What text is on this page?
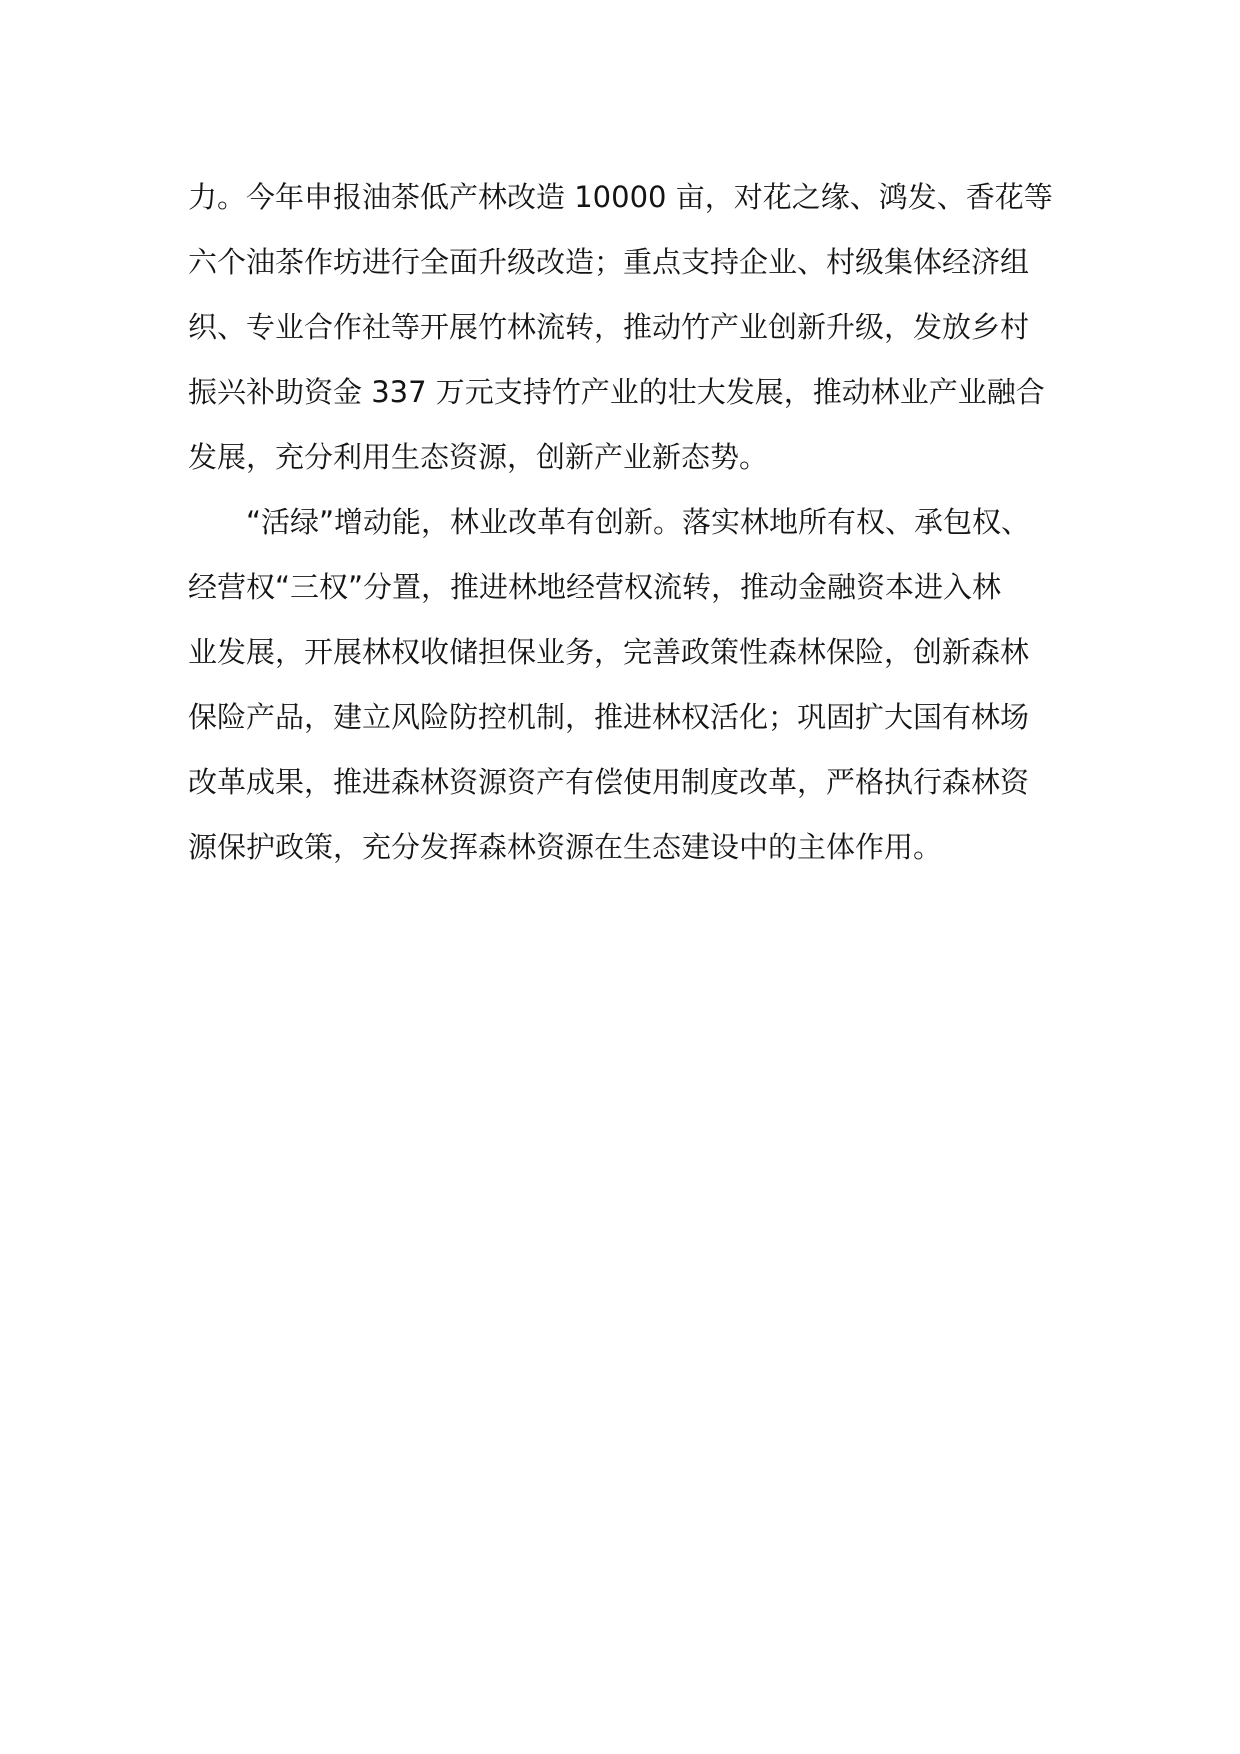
力。今年申报油茶低产林改造 10000 亩，对花之缘、鸿发、香花等
六个油茶作坊进行全面升级改造；重点支持企业、村级集体经济组
织、专业合作社等开展竹林流转，推动竹产业创新升级，发放乡村
振兴补助资金 337 万元支持竹产业的壮大发展，推动林业产业融合
发展，充分利用生态资源，创新产业新态势。
　　“活绿”增动能，林业改革有创新。落实林地所有权、承包权、
经营权“三权”分置，推进林地经营权流转，推动金融资本进入林
业发展，开展林权收储担保业务，完善政策性森林保险，创新森林
保险产品，建立风险防控机制，推进林权活化；巩固扩大国有林场
改革成果，推进森林资源资产有偿使用制度改革，严格执行森林资
源保护政策，充分发挥森林资源在生态建设中的主体作用。
